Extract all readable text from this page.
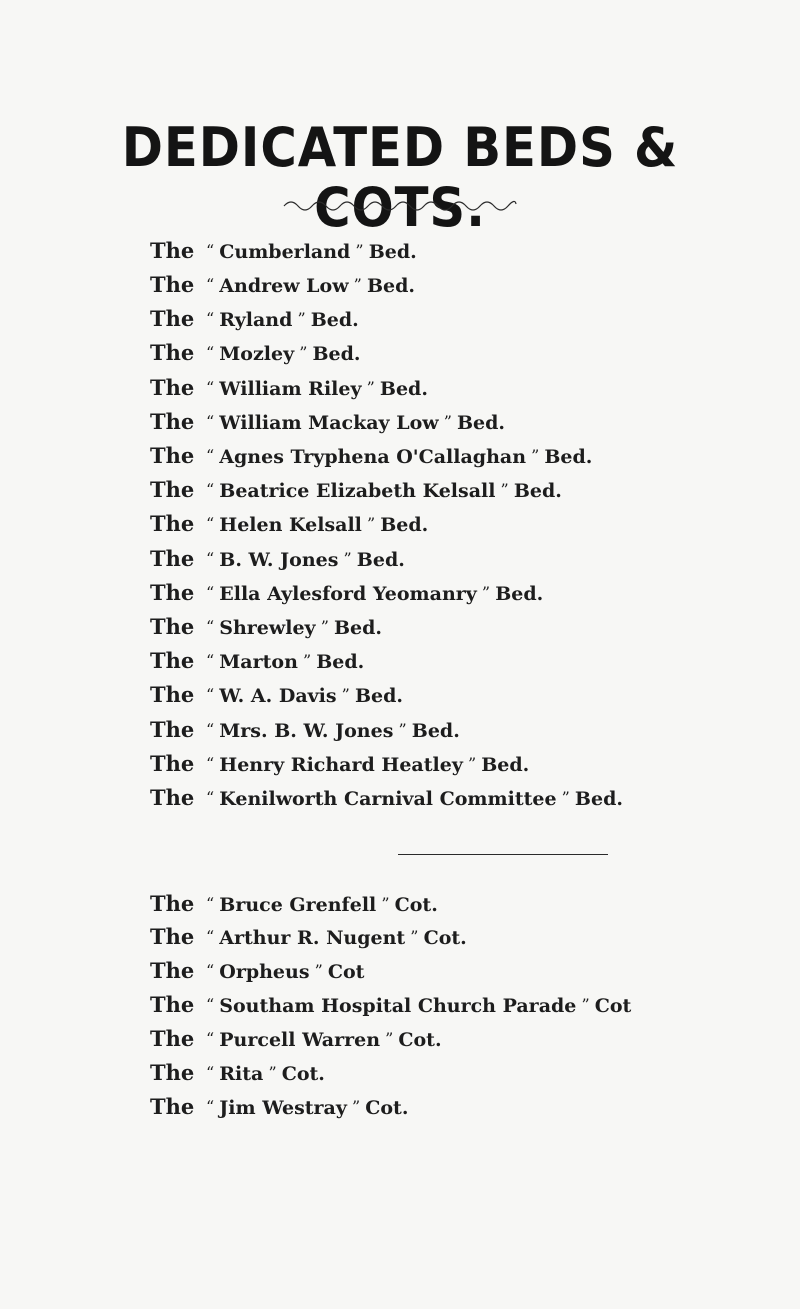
DEDICATED BEDS & COTS.
The “ Cumberland ” Bed.
The “ Andrew Low ” Bed.
The “ Ryland ” Bed.
The “ Mozley ” Bed.
The “ William Riley ” Bed.
The “ William Mackay Low ” Bed.
The “ Agnes Tryphena O'Callaghan ” Bed.
The “ Beatrice Elizabeth Kelsall ” Bed.
The “ Helen Kelsall ” Bed.
The “ B. W. Jones ” Bed.
The “ Ella Aylesford Yeomanry ” Bed.
The “ Shrewley ” Bed.
The “ Marton ” Bed.
The “ W. A. Davis ” Bed.
The “ Mrs. B. W. Jones ” Bed.
The “ Henry Richard Heatley ” Bed.
The “ Kenilworth Carnival Committee ” Bed.
The “ Bruce Grenfell ” Cot.
The “ Arthur R. Nugent ” Cot.
The “ Orpheus ” Cot
The “ Southam Hospital Church Parade ” Cot
The “ Purcell Warren ” Cot.
The “ Rita ” Cot.
The “ Jim Westray ” Cot.
